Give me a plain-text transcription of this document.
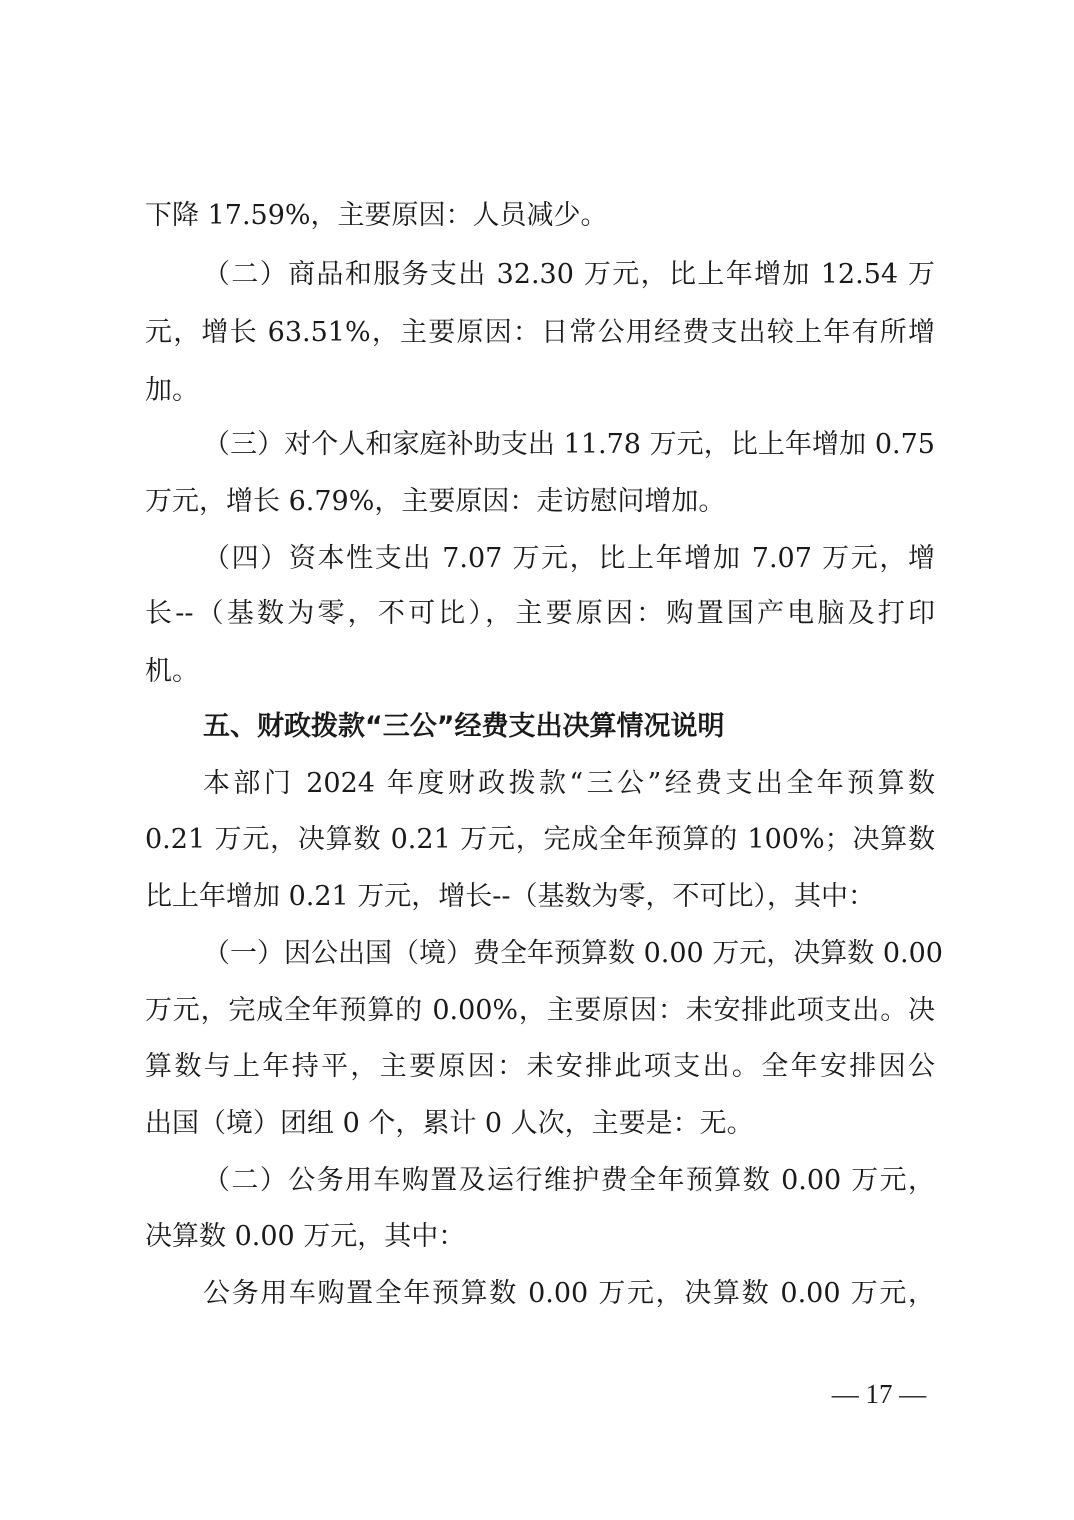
下降 17.59%，主要原因：人员减少。
（二）商品和服务支出 32.30 万元，比上年增加 12.54 万
元，增长 63.51%，主要原因：日常公用经费支出较上年有所增
加。
（三）对个人和家庭补助支出 11.78 万元，比上年增加 0.75
万元，增长 6.79%，主要原因：走访慰问增加。
（四）资本性支出 7.07 万元，比上年增加 7.07 万元，增
长--（基数为零，不可比），主要原因：购置国产电脑及打印
机。
五、财政拨款“三公”经费支出决算情况说明
本部门 2024 年度财政拨款“三公”经费支出全年预算数
0.21 万元，决算数 0.21 万元，完成全年预算的 100%；决算数
比上年增加 0.21 万元，增长--（基数为零，不可比），其中：
（一）因公出国（境）费全年预算数 0.00 万元，决算数 0.00
万元，完成全年预算的 0.00%，主要原因：未安排此项支出。决
算数与上年持平，主要原因：未安排此项支出。全年安排因公
出国（境）团组 0 个，累计 0 人次，主要是：无。
（二）公务用车购置及运行维护费全年预算数 0.00 万元，
决算数 0.00 万元，其中：
公务用车购置全年预算数 0.00 万元，决算数 0.00 万元，
— 17 —
